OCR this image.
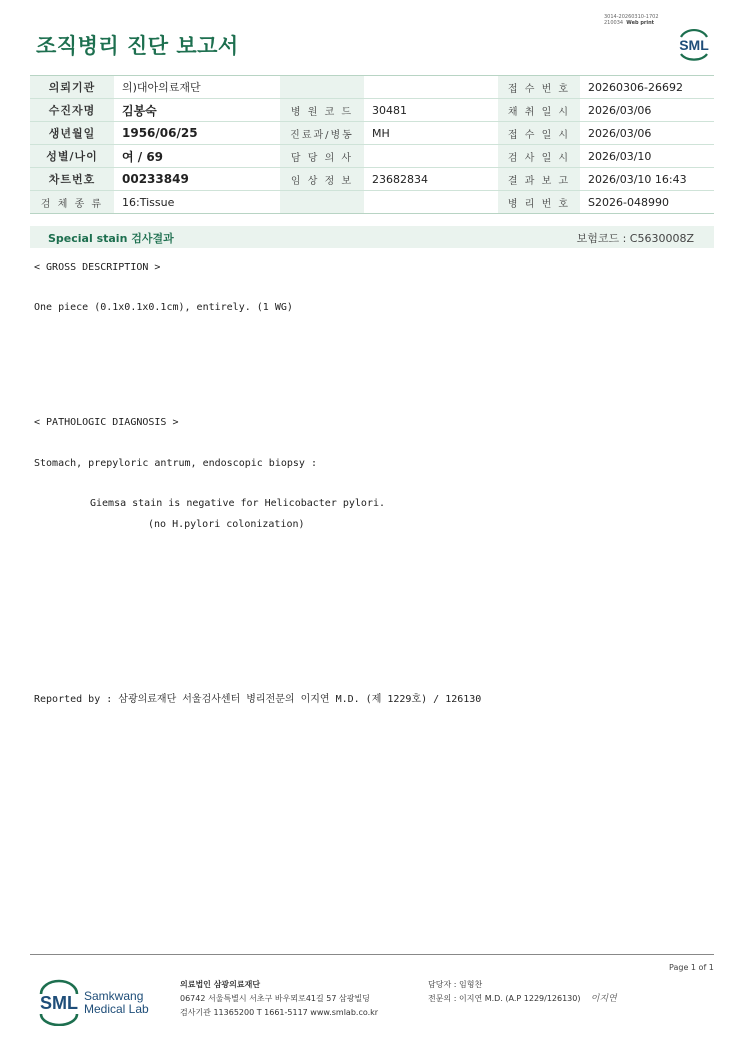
조직병리 진단 보고서
3014-20260310-1702
210034 Web print
SML
의뢰기관	의)대아의료재단			접 수 번 호	20260306-26692
수진자명	김봉숙	병 원 코 드	30481	채 취 일 시	2026/03/06
생년월일	1956/06/25	진료과/병동	MH	접 수 일 시	2026/03/06
성별/나이	여 / 69	담 당 의 사		검 사 일 시	2026/03/10
차트번호	00233849	임 상 정 보	23682834	결 과 보 고	2026/03/10 16:43
검 체 종 류	16:Tissue			병 리 번 호	S2026-048990
Special stain 검사결과	보험코드 : C5630008Z
< GROSS DESCRIPTION >
One piece (0.1x0.1x0.1cm), entirely. (1 WG)
< PATHOLOGIC DIAGNOSIS >
Stomach, prepyloric antrum, endoscopic biopsy :
Giemsa stain is negative for Helicobacter pylori.
(no H.pylori colonization)
Reported by : 삼광의료재단 서울검사센터 병리전문의 이지연 M.D. (제 1229호) / 126130
Page 1 of 1
SML Samkwang
Medical Lab
의료법인 삼광의료재단
06742 서울특별시 서초구 바우뫼로41길 57 삼광빌딩
검사기관 11365200 T 1661-5117 www.smlab.co.kr
담당자 : 임형찬
전문의 : 이지연 M.D. (A.P 1229/126130) 이지연
